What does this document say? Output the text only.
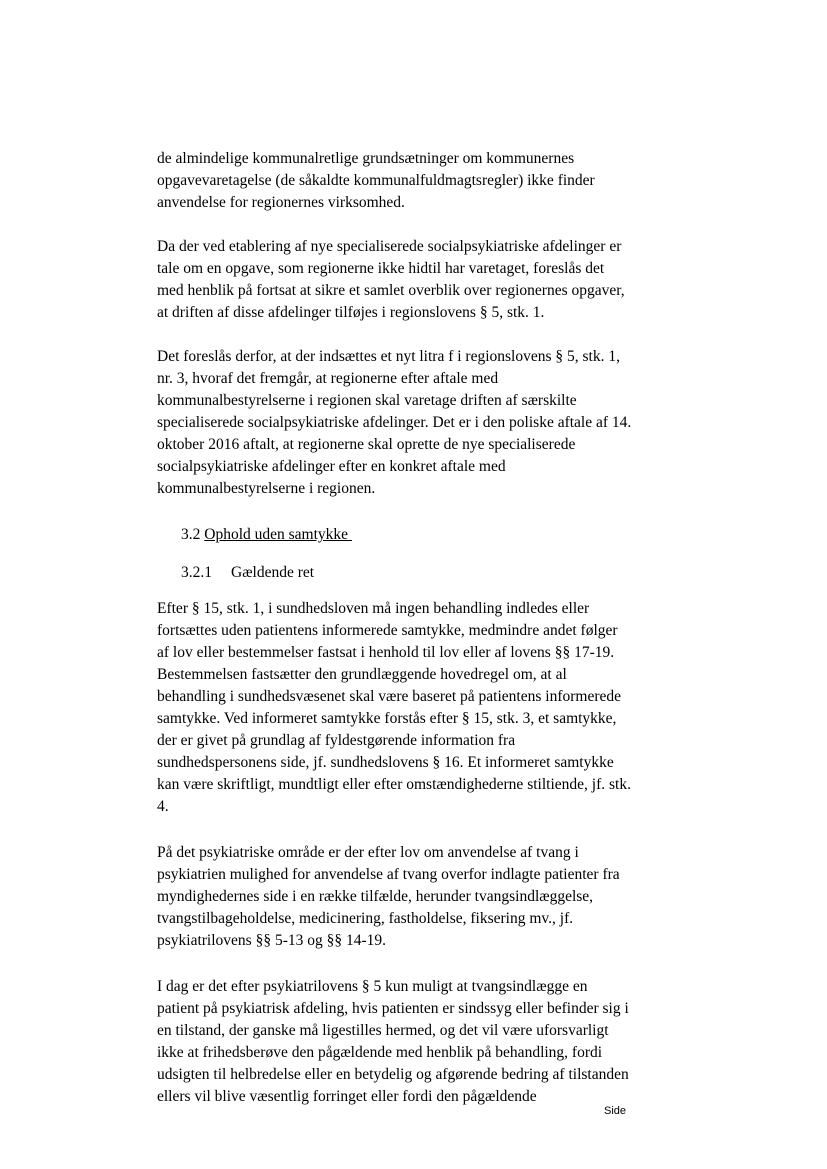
de almindelige kommunalretlige grundsætninger om kommunernes
opgavevaretagelse (de såkaldte kommunalfuldmagtsregler) ikke finder
anvendelse for regionernes virksomhed.
Da der ved etablering af nye specialiserede socialpsykiatriske afdelinger er
tale om en opgave, som regionerne ikke hidtil har varetaget, foreslås det
med henblik på fortsat at sikre et samlet overblik over regionernes opgaver,
at driften af disse afdelinger tilføjes i regionslovens § 5, stk. 1.
Det foreslås derfor, at der indsættes et nyt litra f i regionslovens § 5, stk. 1,
nr. 3, hvoraf det fremgår, at regionerne efter aftale med
kommunalbestyrelserne i regionen skal varetage driften af særskilte
specialiserede socialpsykiatriske afdelinger. Det er i den poliske aftale af 14.
oktober 2016 aftalt, at regionerne skal oprette de nye specialiserede
socialpsykiatriske afdelinger efter en konkret aftale med
kommunalbestyrelserne i regionen.
3.2 Ophold uden samtykke
3.2.1 Gældende ret
Efter § 15, stk. 1, i sundhedsloven må ingen behandling indledes eller
fortsættes uden patientens informerede samtykke, medmindre andet følger
af lov eller bestemmelser fastsat i henhold til lov eller af lovens §§ 17-19.
Bestemmelsen fastsætter den grundlæggende hovedregel om, at al
behandling i sundhedsvæsenet skal være baseret på patientens informerede
samtykke. Ved informeret samtykke forstås efter § 15, stk. 3, et samtykke,
der er givet på grundlag af fyldestgørende information fra
sundhedspersonens side, jf. sundhedslovens § 16. Et informeret samtykke
kan være skriftligt, mundtligt eller efter omstændighederne stiltiende, jf. stk.
4.
På det psykiatriske område er der efter lov om anvendelse af tvang i
psykiatrien mulighed for anvendelse af tvang overfor indlagte patienter fra
myndighedernes side i en række tilfælde, herunder tvangsindlæggelse,
tvangstilbageholdelse, medicinering, fastholdelse, fiksering mv., jf.
psykiatrilovens §§ 5-13 og §§ 14-19.
I dag er det efter psykiatrilovens § 5 kun muligt at tvangsindlægge en
patient på psykiatrisk afdeling, hvis patienten er sindssyg eller befinder sig i
en tilstand, der ganske må ligestilles hermed, og det vil være uforsvarligt
ikke at frihedsberøve den pågældende med henblik på behandling, fordi
udsigten til helbredelse eller en betydelig og afgørende bedring af tilstanden
ellers vil blive væsentlig forringet eller fordi den pågældende
Side
